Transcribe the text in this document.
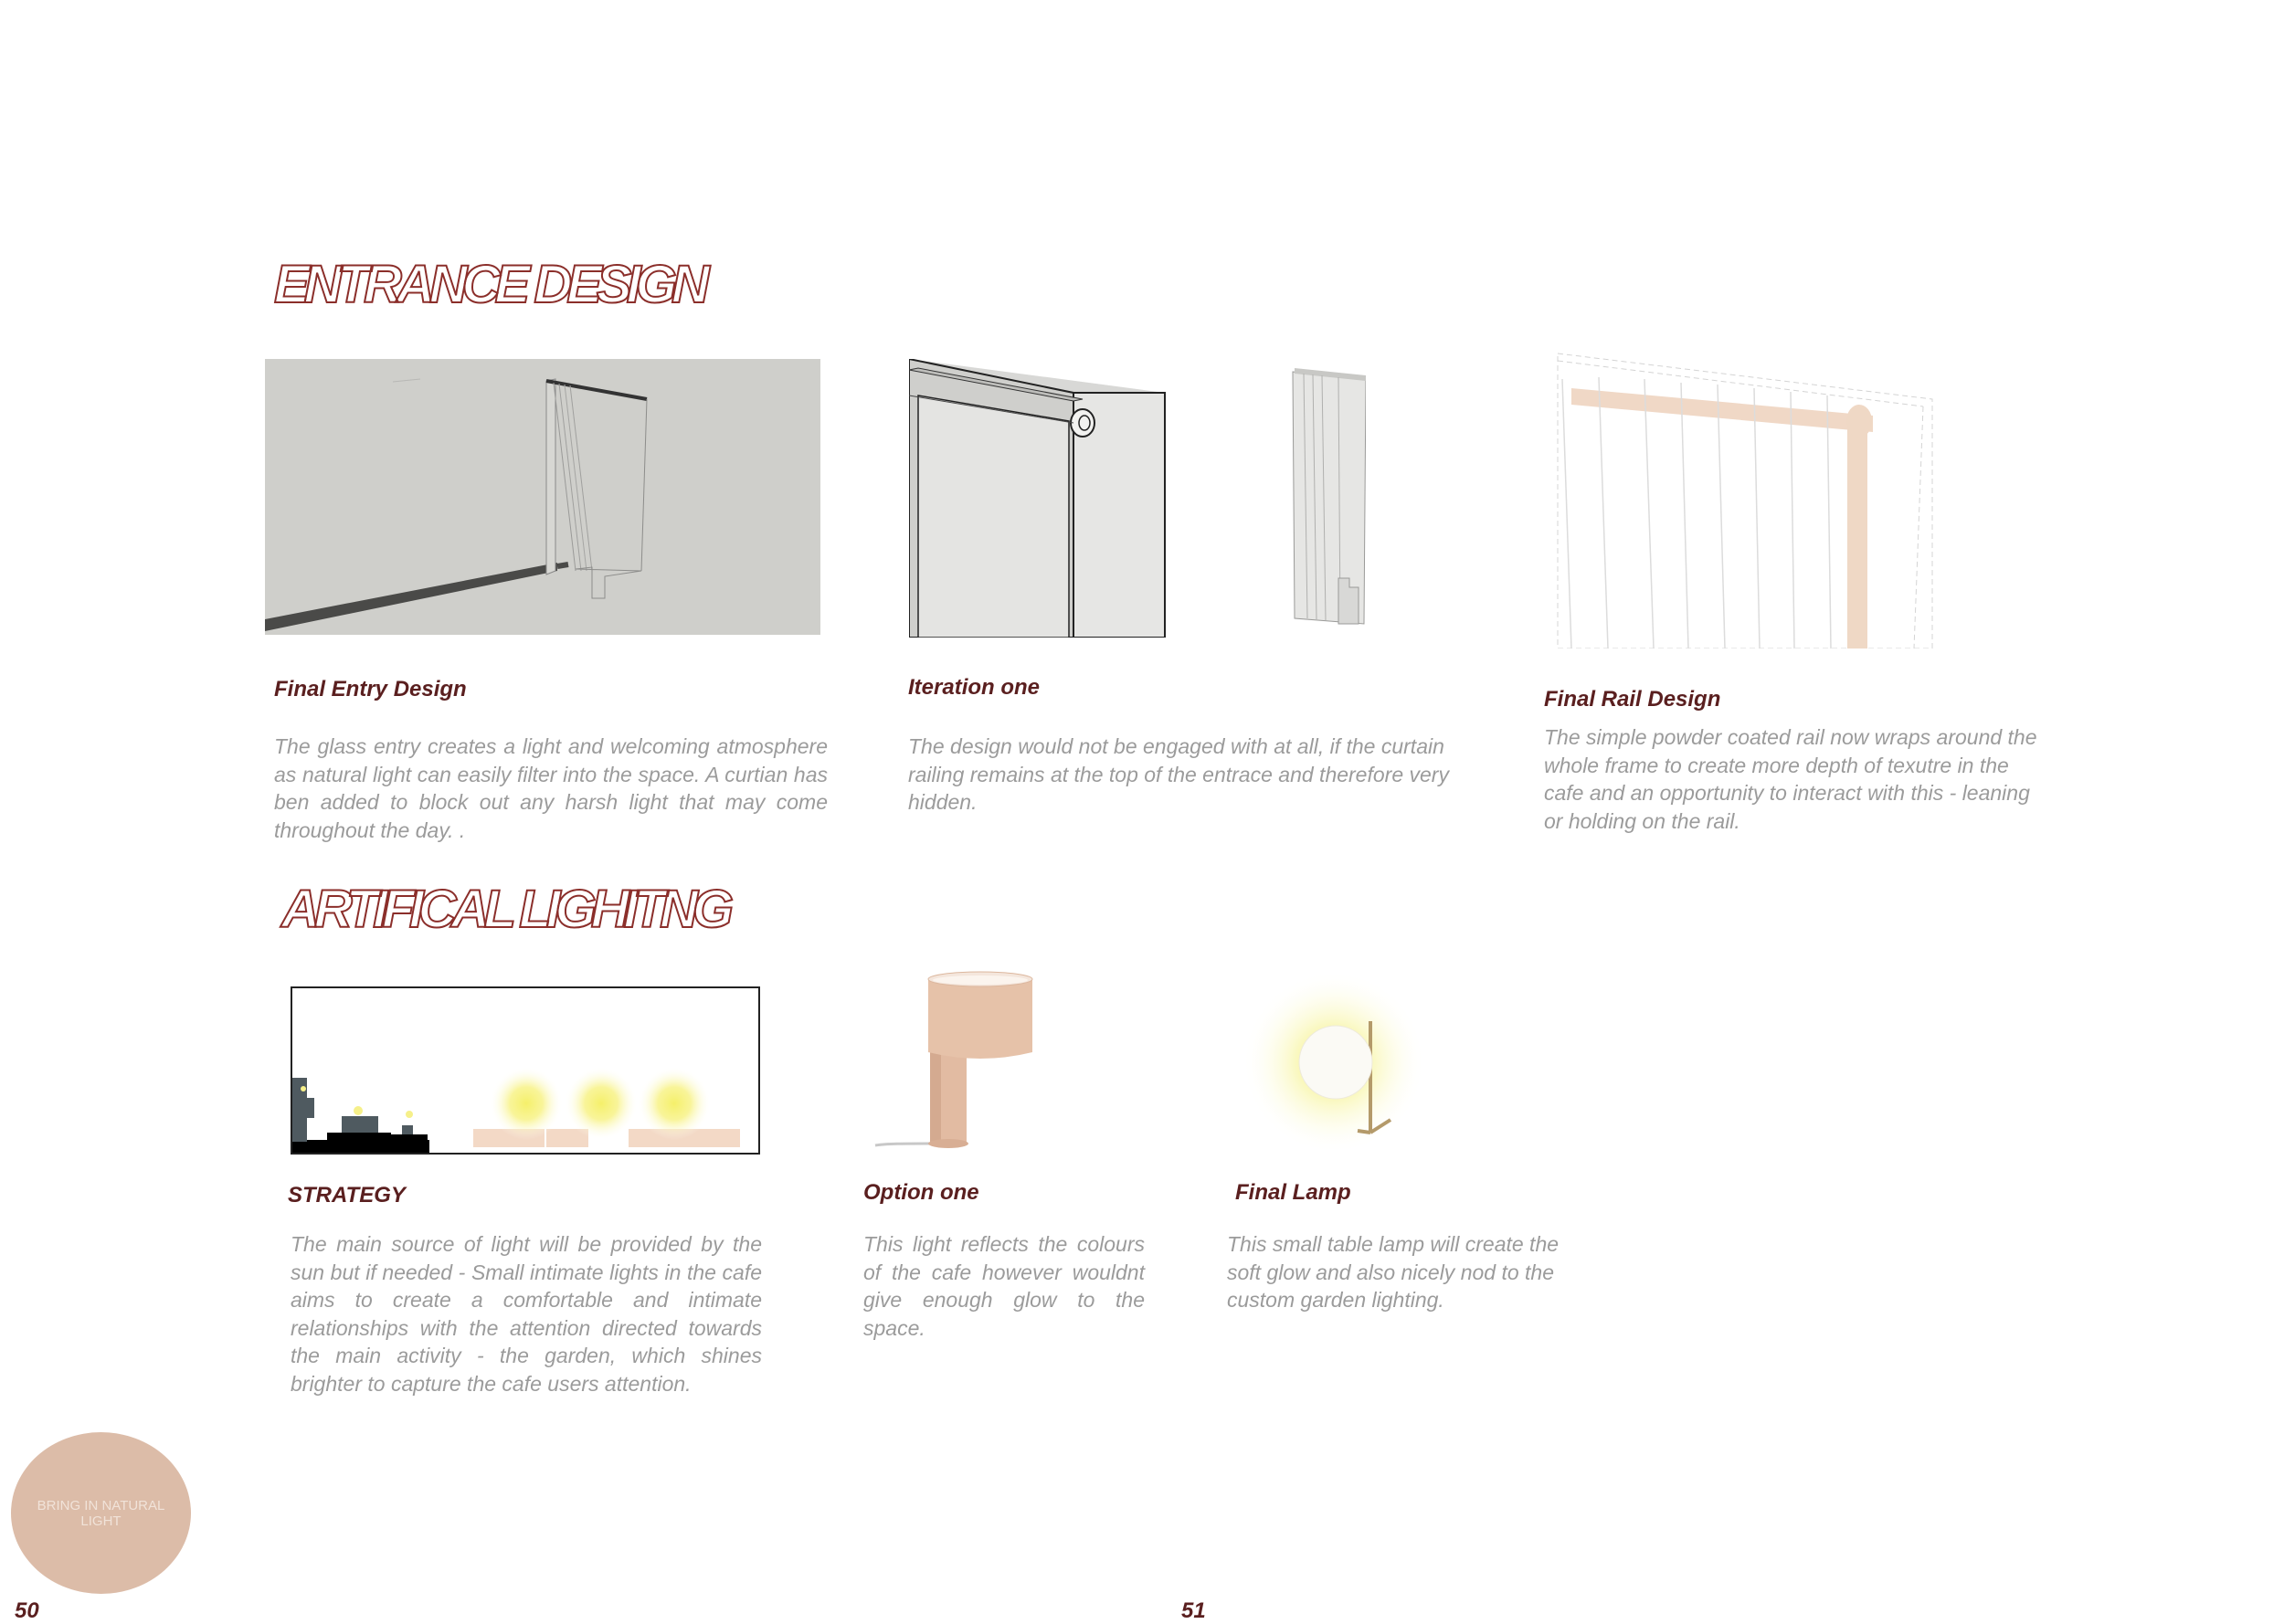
ENTRANCE DESIGN
Final Entry Design
The glass entry creates a light and welcoming atmosphere as natural light can easily filter into the space. A curtian has ben added to block out any harsh light that may come throughout the day. .
Iteration one
The design would not be engaged with at all, if the curtain railing remains at the top of the entrace and therefore very hidden.
Final Rail Design
The simple powder coated rail now wraps around the whole frame to create more depth of texutre in the cafe and an opportunity to interact with this - leaning or holding on the rail.
ARTIFICAL LIGHITNG
STRATEGY
The main source of light will be provided by the sun but if needed - Small intimate lights in the cafe aims to create a comfortable and intimate relationships with the attention directed towards the main activity - the garden, which shines brighter to capture the cafe users attention.
Option one
This light reflects the colours of the cafe however wouldnt give enough glow to the space.
Final Lamp
This small table lamp will create the soft glow and also nicely nod to the custom garden lighting.
BRING IN NATURAL LIGHT
50	51
